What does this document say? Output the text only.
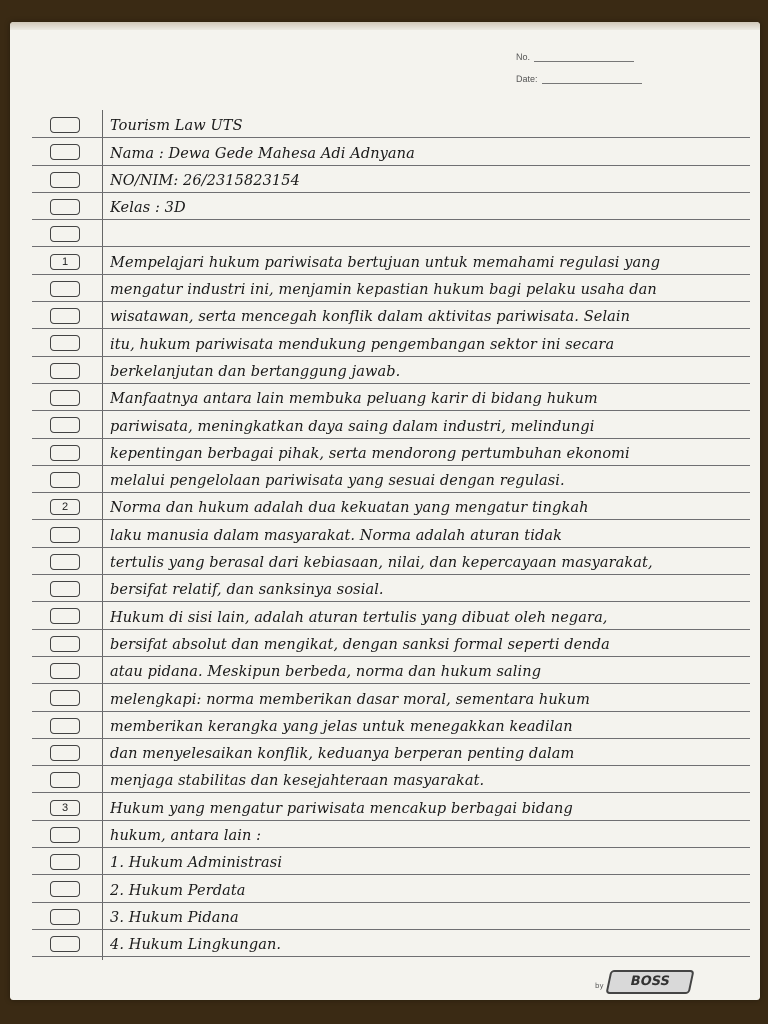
No.
Date:
Tourism Law UTS
Nama : Dewa Gede Mahesa Adi Adnyana
NO/NIM: 26/2315823154
Kelas : 3D
1	Mempelajari hukum pariwisata bertujuan untuk memahami regulasi yang
mengatur industri ini, menjamin kepastian hukum bagi pelaku usaha dan
wisatawan, serta mencegah konflik dalam aktivitas pariwisata. Selain
itu, hukum pariwisata mendukung pengembangan sektor ini secara
berkelanjutan dan bertanggung jawab.
Manfaatnya antara lain membuka peluang karir di bidang hukum
pariwisata, meningkatkan daya saing dalam industri, melindungi
kepentingan berbagai pihak, serta mendorong pertumbuhan ekonomi
melalui pengelolaan pariwisata yang sesuai dengan regulasi.
2	Norma dan hukum adalah dua kekuatan yang mengatur tingkah
laku manusia dalam masyarakat. Norma adalah aturan tidak
tertulis yang berasal dari kebiasaan, nilai, dan kepercayaan masyarakat,
bersifat relatif, dan sanksinya sosial.
Hukum di sisi lain, adalah aturan tertulis yang dibuat oleh negara,
bersifat absolut dan mengikat, dengan sanksi formal seperti denda
atau pidana. Meskipun berbeda, norma dan hukum saling
melengkapi: norma memberikan dasar moral, sementara hukum
memberikan kerangka yang jelas untuk menegakkan keadilan
dan menyelesaikan konflik, keduanya berperan penting dalam
menjaga stabilitas dan kesejahteraan masyarakat.
3	Hukum yang mengatur pariwisata mencakup berbagai bidang
hukum, antara lain :
1. Hukum Administrasi
2. Hukum Perdata
3. Hukum Pidana
4. Hukum Lingkungan.
by	BOSS
